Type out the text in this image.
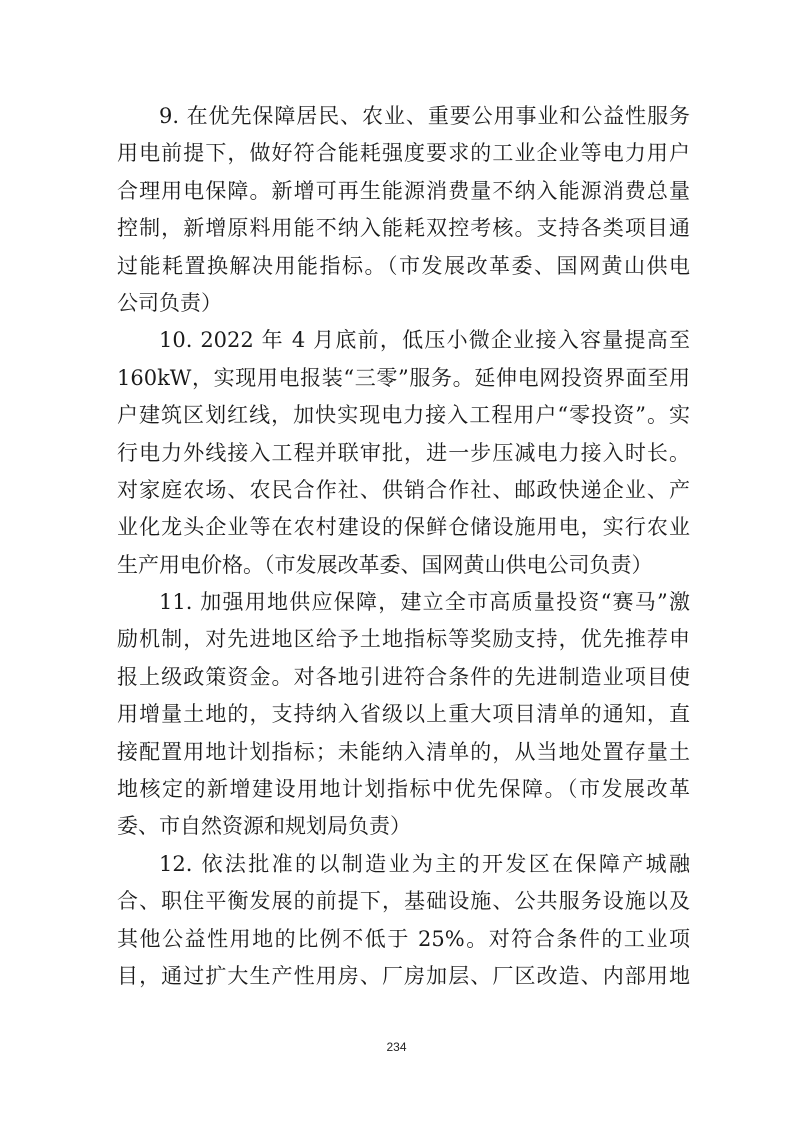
9. 在优先保障居民、农业、重要公用事业和公益性服务
用电前提下，做好符合能耗强度要求的工业企业等电力用户
合理用电保障。新增可再生能源消费量不纳入能源消费总量
控制，新增原料用能不纳入能耗双控考核。支持各类项目通
过能耗置换解决用能指标。（市发展改革委、国网黄山供电
公司负责）
10. 2022 年 4 月底前，低压小微企业接入容量提高至
160kW，实现用电报装“三零”服务。延伸电网投资界面至用
户建筑区划红线，加快实现电力接入工程用户“零投资”。实
行电力外线接入工程并联审批，进一步压减电力接入时长。
对家庭农场、农民合作社、供销合作社、邮政快递企业、产
业化龙头企业等在农村建设的保鲜仓储设施用电，实行农业
生产用电价格。（市发展改革委、国网黄山供电公司负责）
11. 加强用地供应保障，建立全市高质量投资“赛马”激
励机制，对先进地区给予土地指标等奖励支持，优先推荐申
报上级政策资金。对各地引进符合条件的先进制造业项目使
用增量土地的，支持纳入省级以上重大项目清单的通知，直
接配置用地计划指标；未能纳入清单的，从当地处置存量土
地核定的新增建设用地计划指标中优先保障。（市发展改革
委、市自然资源和规划局负责）
12. 依法批准的以制造业为主的开发区在保障产城融
合、职住平衡发展的前提下，基础设施、公共服务设施以及
其他公益性用地的比例不低于 25%。对符合条件的工业项
目，通过扩大生产性用房、厂房加层、厂区改造、内部用地
234
